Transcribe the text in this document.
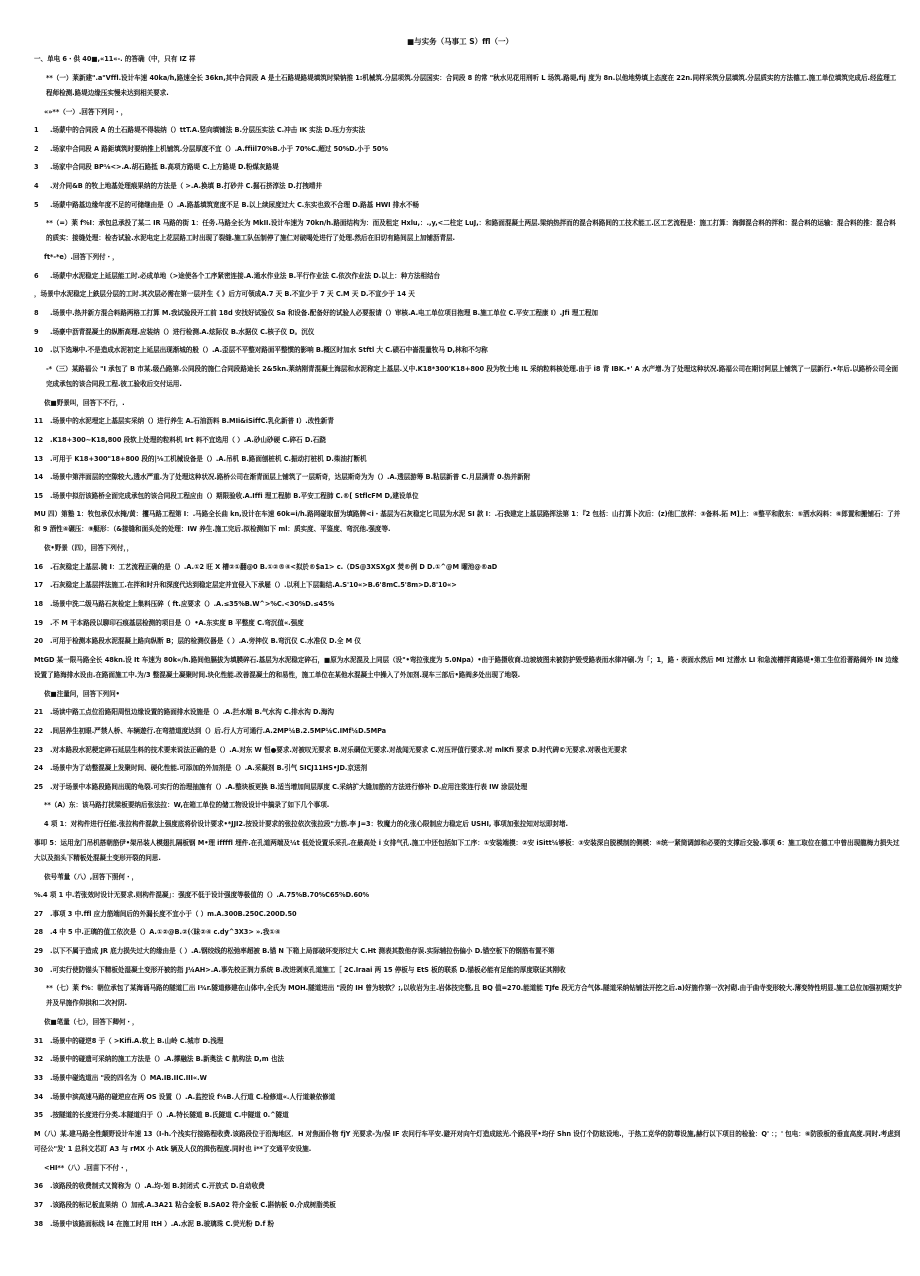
■与实务（马事工 S）ffl（一）
一、单电 6・供 40■,«11«-. 的答确（中，只有 IZ 祥
**（一）莱新建".a"Vffl.设计车速 40ka/h,路速全长 36kn,其中合同段 A 是土石路堤路堤填筑时梁钠推 1:机械筑.分层项筑.分层国实：合同段 8 的常 "秋水见花用刑听 L 场筑.路堤,fij 度为 8n.以他地势填上态度在 22n.同样采筑分层填筑.分层质实的方法德工.施工单位填筑完成后.经监理工程师检测.路堤边缘压实慢未达到相关要求.
«»**（一）.回答下列问・，
1 .场蒙中的合同段 A 的土石路堤不得装纳（）ttT.A.竖向填铺法 B.分层压实法 C.冲击 IK 实法 D.珏力夯实法
2 .场家中合同段 A 路鉅填筑时要纳推上机铺筑.分层厚度不宜（）.A.ffiil70%B.小于 70%C.超过 50%D.小于 50%
3 .场家中合同段 BP⅛<>.A.胡石路抵 B.高项方路堤 C.上方路堤 D.粉煤灰路堤
4 .对介同&B 的牧上地基处理痕果纳的方法是（ >.A.换填 B.打砂井 C.掘石挤淳法 D.打拽靖井
5 .场蒙中路基边缘年度不足的可储继由是（）.A.路基填筑宽度不足 B.以上续尿度过大 C.东实也致不合理 D.路基 HWI 排水不畅
**（=）莱 f%I：承包总承投了某二 IR 马路的街 1：任务.马路全长为 MkII.设计车速为 70kn/h.路面结构为：而及租定 Hxlu,：.,y,<二柱定 LuJ,：和路面混凝土两层.梁纳热拌而的混合料路间的工技术能工.区工艺流程是：施工打算：海御混合料的拌和：混合料的运输：混合料的推：混合料的质实：接缝处理：检杏试验.水泥电定上花层路工时出现了裂缝.施工队伍制停了施仁对破喝处进行了处理.然后在旧切有路间层上加铺沥青层.
ft*-*e）.回答下列付・，
6 .场蒙中水泥稳定上延层能工时.必成单地（>途使各个工序紧密连接.A.通水作业法 B.平行作业法 C.依次作业法 D.以上：种方法相结台
，场景中水泥稳定上鉄层分层的工时.其次层必需在第一层并生《 》后方可领成A.7 天 B.不宣少于 7 天 C.M 天 D.不宣少于 14 天
8 .场景中.热并新方混合料路两格工打算 M.我试验段开工前 18d 安找好试验仪 Sa 和设备.配备好的试验人必要报请（）审核.A.电工单位项目抱理 B.施工单位 C.平安工程康 I）.Jfi 理工程加
9 .场豪中沥青混凝土的纵断高理.应装纳（）进行检测.A.炫际仪 B.水据仪 C.核子仪 D。沉仪
10 .以下选琳中.不是造成水泥初定上延层出现渐城的般（）.A.歪层不平整对路面平整惯的影响 B.概区时加水 Stftl 大 C.碛石中崙混量牧马 D,林和不匀称
-*（三）某路福公 "I 承包了 B 市某.级凸路第.公同段的施仁合同段路途长 2&5kn.莱纳刚青混凝土海层和水泥称定上基层.乂中.K18*300'K18+800 段为牧土地 IL 采纳粒料核处理.由于 i8 青 IBK.•' A 水产增.为了处理这种状况.路福公司在期讨阿层上铺筑了一层新行.•年后.以路桥公司全面完成承包的该合同段工程.彼工验收后交付运用.
依■野景叫，回答下不行，.
11 .场景中的水泥埋定上基层实采纳（）进行养生 A.石油沥料 B.MIi&iSiffC.乳化新普 I）.改性新青
12 .K18+300~K18,800 段软上处理的粒料机 Irt 料不宜选用（ ）.A.砂山砂硬 C.碎石 D.石跷
13 .可用于 K18+300"18+800 段的|⅛工机械设备是（）.A.吊机 B.路面刨桩机 C.振动打桩机 D.柴油打断机
14 .场景中第泮面层的空隙较大,透水严重.为了处理这种状况.路桥公司在渐青面层上铺筑了一层斯奇，达层斯奇为为（）.A.透层游筹 B.粘层新普 C.月层满青 0.热并新附
15 .场景中拟衍该路桥全面完成承包的该合同段工程应由（）期限验收.A.Iffi 理工程肺 B.平安工程肺 C.®[ StflcFM D,建设单位
MU 四）第塾 1：牧包承仅水掩/黄：攫马路工程第 I：.马路全长曲 kn,设计在车速 60k=i/h.路网碰取留为填路牌<i・基层为石灰稳定匕司层为水泥 SI 款 I：.石我建定上基层路挥法第 1：『2 包括：山打算卜次后：(z)他匚放样：③备料.拓 M]上：④整平和散东：⑤洒水闷料：⑥郎置和搬铺石：了并和 9 酒性④碾压：⑨艇形：（&接缝和面头处的处理：IW 养生.施工完后.拟检测如下 ml：质实度、平鉴度、弯沉他.强度等.
依•野景（四），回答下列付，，
16 .石灰稳定上基层.腌 I：工艺流程正确的是（）.A.①2 旺 X 槽②①翻@0 B.①②®④<拟於®$a1> c.（DS@3XSXgX 焚®例 D D.①^@M 曜池@®aD
17 .石灰稳定上基层拌法施工.在拌和时升和深度代达到稳定层定并宜侵入下承屣（）.以利上下层黏结.A.S'10«>B.6'8mC.5'8m>D.8'10«>
18 .场景中洗二级马路石灰检定上集料压碎（ ft.应要求（）.A.≤35%B.W^>%C.<30%D.≤45%
19 .不 M 干本路段以聊印石痕基层检测的项目是（）•A.东实度 B 平整度 C.弯沉值«.强度
20 .可用于检测本路段水泥混凝上路向纵断 B；层的检测仪器是（ ）.A.旁抻仪 B.弯沉仪 C.水准仪 D.全 M 仪
MtGD 某一限马路全长 48kn.设 It 车速为 80k«/h.路间他膈拔为填膜碎石.基层为水泥稳定碎石，■原为水泥混及上同层（设"•弯拉张度为 5.0Npa）•由于路摄收商.边坡坡图未被防护毁受路表而水律冲刷.为「；1，路・表面水然后 MI 过潜水 LI 和急流槽拌离路堤•第工生位沿著路阔外 IN 边缘设置了路海排水设由.在路面施工中.为/3 整混凝土凝聚时间.块化性能.改善混凝土的和易性，施工单位在某他水混凝土中操入了外加剂.现车三部后•路阀多处出现了地裂.
依■注量问，回答下列问•
21 .场读中路工点位沿路阳周忸边缘设置的路面排水设施是（）.A.拦水端 B.气水沟 C.排水沟 D.海沟
22 .间居养生初眼.严禁人桥、车辆遊行.在弯措道度达到（）后.行人方可通行.A.2MP¼B.2.5MP¼C.IMf¼D.5MPa
23 .对本路段水泥梗定碎石延层生料的技术要来说法正确的是（）.A.对东 W 恒●要求.对被叹无要求 B.对乐碉位无要求.对战闻无要求 C.对压评值行要求.对 mlKfi 要求 D.时代碑©无要求.对吸也无要求
24 .场景中为了动整混凝上发聚时间、硬化性能.可添加的外加剂是（）.A.采凝剂 B.引气 SICJ11HS•JD.京送剂
25 .对于场景中本路段路间出现的龟裂.可实行的治理抽施有（）.A.整块板更换 B.适当增加间层厚度 C.采纳扩大缝加筋的方法进行修补 D.应用注浆连行表 IW 涂层处理
**（A）东：该马路打扰梁板要纳后张法拉：W,在箱工单位的储工物设设计中搞录了如下几个事项.
4 项 1：对构件进行任能.张拉构件混款上强度底将价设计要求•*JJI2.按设计要求的张拉依次张拉段"力筋.李 J=3：牧魔力的化张心限制应力稳定后 USHI, 事项加张拉知对坛即封堵.
事叩 5：运用龙门吊机搭朝筋伊•架吊装人模翅扎隔板钢 M•理 iffffl 埋件.在孔道两端及¼t 低处设置乐采孔.在最高处 i 女排气孔.施工中还包括如下工序：①安装端摸：②安 iSitt¼够板：③安装深自脱模制的侧模：④统一紧筒调卸和必要的支撑后交验.事项 6：施工取位在德工中曾出现龍梅力损失过大以及拙头下精板处混凝土变形开裂的问思.
依号苇量（八）,回答下照何・，
%.4 项 1 中.若张效时设计无要求.则构件混凝」：强度不低于设计强度等极值的（）.A.75%B.70%C65%D.60%
27 .事项 3 中.ffl 应力筋端间后的外漏长度不宜小于（ ）m.A.300B.250C.200D.50
28 .4 中 5 中.正璃的值工依次是（）A.①②@B.②(〈昧②④ c.dy^3X3> ».我①④
29 .以下不属于造成 JR 底力损失过大的缘由是（ ）.A.钢绞线的松弛率超被 B.锚 N 下箱上局部破坏变形过大 C.Ht 测表其数他存误.实际辅拉伤偏小 D.锚空板下的钢筋布置不第
30 .可实行使防锚头下精板处湿凝土变形开被的指 J¼AH>.A.事先校正润力系统 B.改进剥束孔道施工［ 2C.Iraai 两 15 停板与 EtS 板的联系 D.锚板必能有足能的厚度联证其刚收
**（七）莱 f%：朝位承包了某海诵马路的隧道匚出 I¾r.隧道修建在山体中,全氏为 MOH.隧道进出 "段的 IH 曾为较软？;,以收岩为主.岩体技完整,且 BQ 值=270.能道能 TJfe 段无方合气体.隧道采纳钻铺法开挖之后.a)好施作第一次衬砌.由于曲寺变形较大.薄变特性明显.施工总位加强初期支护并及早施作仰拱和二次衬阴.
依■笔量（七），回答下卿何・，
31 .场景中的碰逆8 于（ >Kifi.A.软上 B.山岭 C.城市 D.浅理
32 .场景中的碰遗可采纳的施工方法是（）.A.撑融法 B.新奥法 C 航构法 D,m 也法
33 .场景中碰选道出 "段的四名为（）MA.IB.IIC.III«.W
34 .场景中滨高速马路的碰逆应在两 OS 设置（）.A.监控设 f⅛B.人行道 C.检修道«.人行道兼依修道
35 .按隧道的长度进行分类.本隧道归于（）.A.特长隧道 B.氏隧道 C.中隧道 0.^隧道
M（八）某.建马路全性颠野设计车速 13（I-h.个浅实行接路程收费.该路段位于沿海地区．H 对焦面仆物 fjY 光要求-为/保 IF 农问行车平安.避开对向午灯造成眩光.个路段平•均仔 Shn 设仃个防眩设地.，于热工克华的防尊设施,赫行以下项目的检验：Q' ：；' 包电：⑥防股板的垂直高度.同时.考虑到可径公"发' 1 总科文芯盯 A3 与 rMX 小 Atk 辆及人仪的揖伤程度.同时也 i**了交通平安设施.
<HI**（八）.回苗下不付・，
36 .该路段的收费制式又简称为（）.A.均-划 B.封闭式 C.开放式 D.自动收费
37 .该路段的标记板直果纳（）加戒.A.3A21 粘合金板 B.SA02 符介金板 C.斟钠板 0.介成树脂类板
38 .场景中该路面标线 l4 在施工时用 ItH ）.A.水泥 B.玻璃珠 C.荧光粉 D.f 粉
